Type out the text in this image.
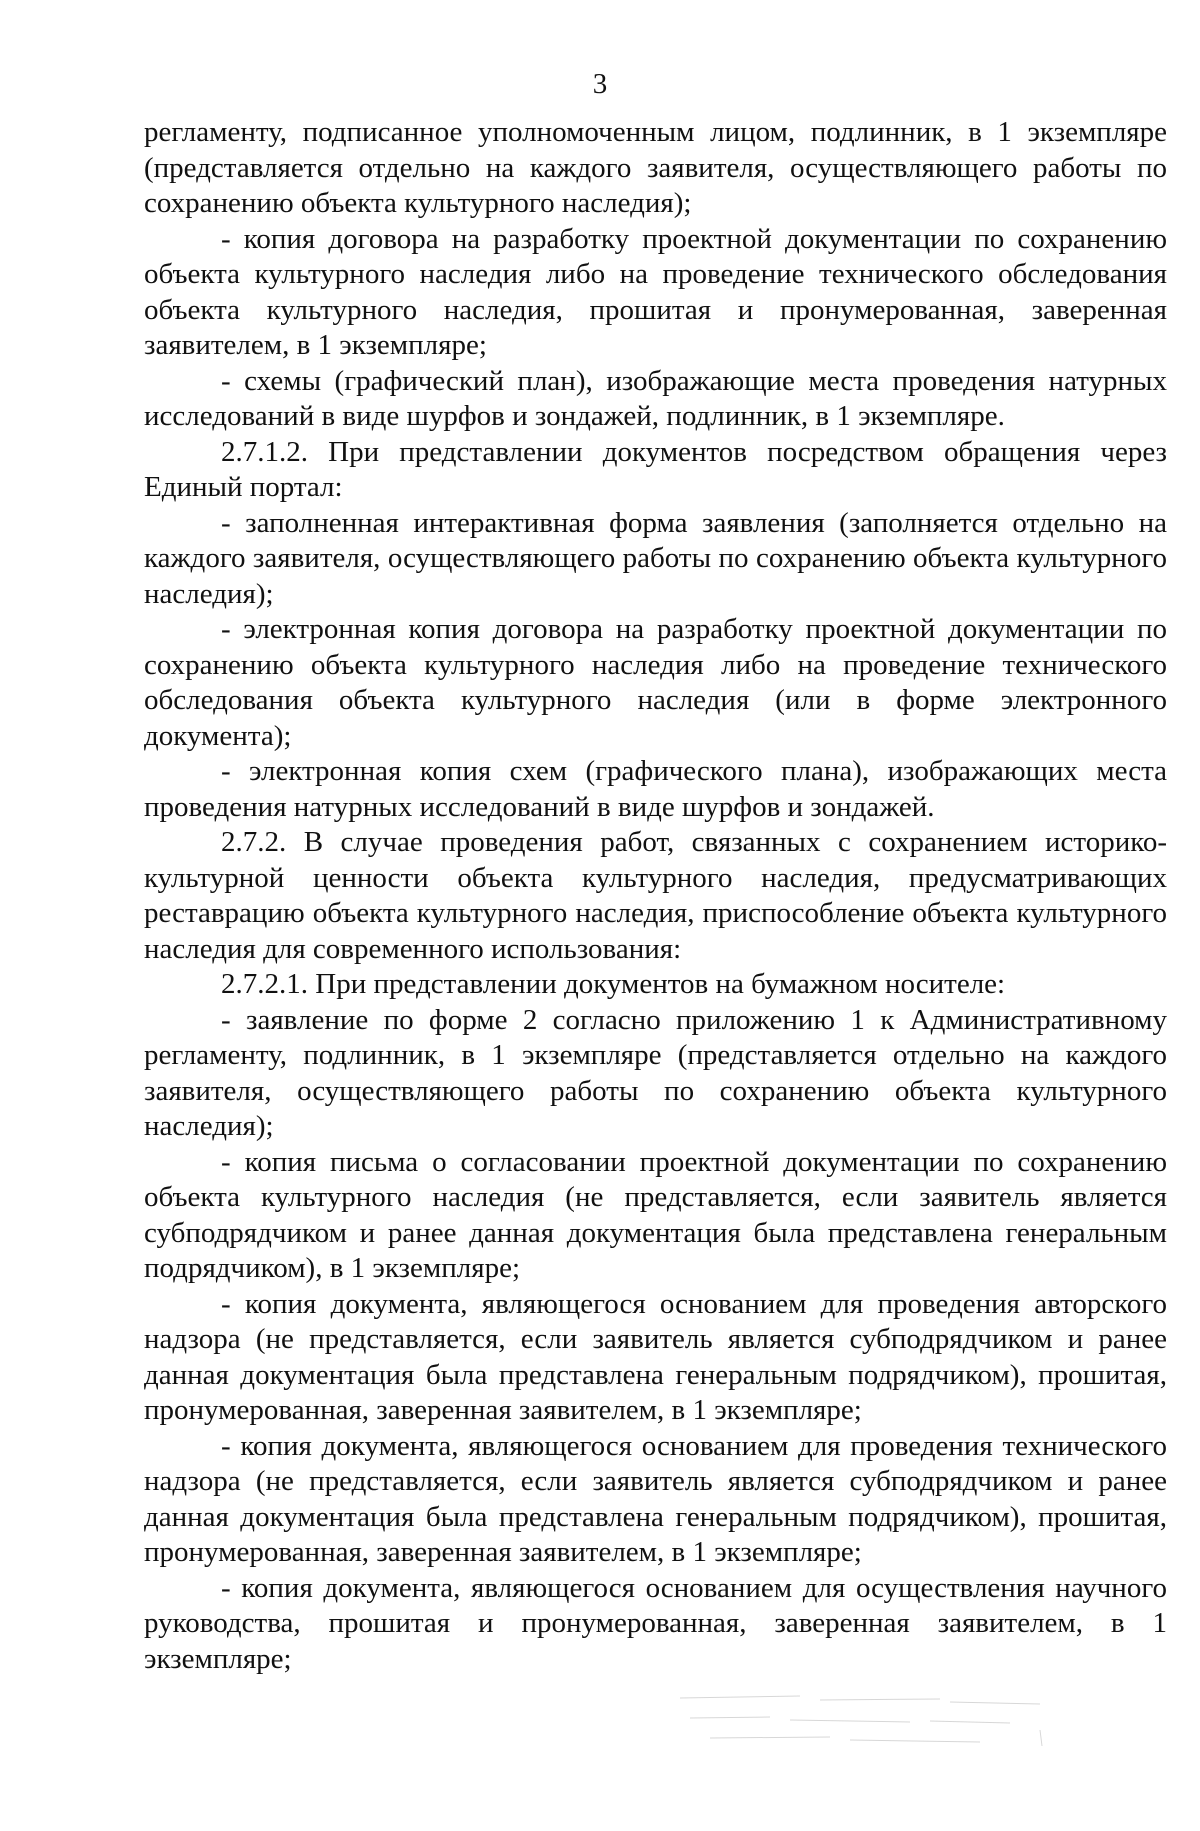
3

регламенту, подписанное уполномоченным лицом, подлинник, в 1 экземпляре (представляется отдельно на каждого заявителя, осуществляющего работы по сохранению объекта культурного наследия);

- копия договора на разработку проектной документации по сохранению объекта культурного наследия либо на проведение технического обследования объекта культурного наследия, прошитая и пронумерованная, заверенная заявителем, в 1 экземпляре;

- схемы (графический план), изображающие места проведения натурных исследований в виде шурфов и зондажей, подлинник, в 1 экземпляре.

2.7.1.2. При представлении документов посредством обращения через Единый портал:

- заполненная интерактивная форма заявления (заполняется отдельно на каждого заявителя, осуществляющего работы по сохранению объекта культурного наследия);

- электронная копия договора на разработку проектной документации по сохранению объекта культурного наследия либо на проведение технического обследования объекта культурного наследия (или в форме электронного документа);

- электронная копия схем (графического плана), изображающих места проведения натурных исследований в виде шурфов и зондажей.

2.7.2. В случае проведения работ, связанных с сохранением историко-культурной ценности объекта культурного наследия, предусматривающих реставрацию объекта культурного наследия, приспособление объекта культурного наследия для современного использования:

2.7.2.1. При представлении документов на бумажном носителе:

- заявление по форме 2 согласно приложению 1 к Административному регламенту, подлинник, в 1 экземпляре (представляется отдельно на каждого заявителя, осуществляющего работы по сохранению объекта культурного наследия);

- копия письма о согласовании проектной документации по сохранению объекта культурного наследия (не представляется, если заявитель является субподрядчиком и ранее данная документация была представлена генеральным подрядчиком), в 1 экземпляре;

- копия документа, являющегося основанием для проведения авторского надзора (не представляется, если заявитель является субподрядчиком и ранее данная документация была представлена генеральным подрядчиком), прошитая, пронумерованная, заверенная заявителем, в 1 экземпляре;

- копия документа, являющегося основанием для проведения технического надзора (не представляется, если заявитель является субподрядчиком и ранее данная документация была представлена генеральным подрядчиком), прошитая, пронумерованная, заверенная заявителем, в 1 экземпляре;

- копия документа, являющегося основанием для осуществления научного руководства, прошитая и пронумерованная, заверенная заявителем, в 1 экземпляре;
